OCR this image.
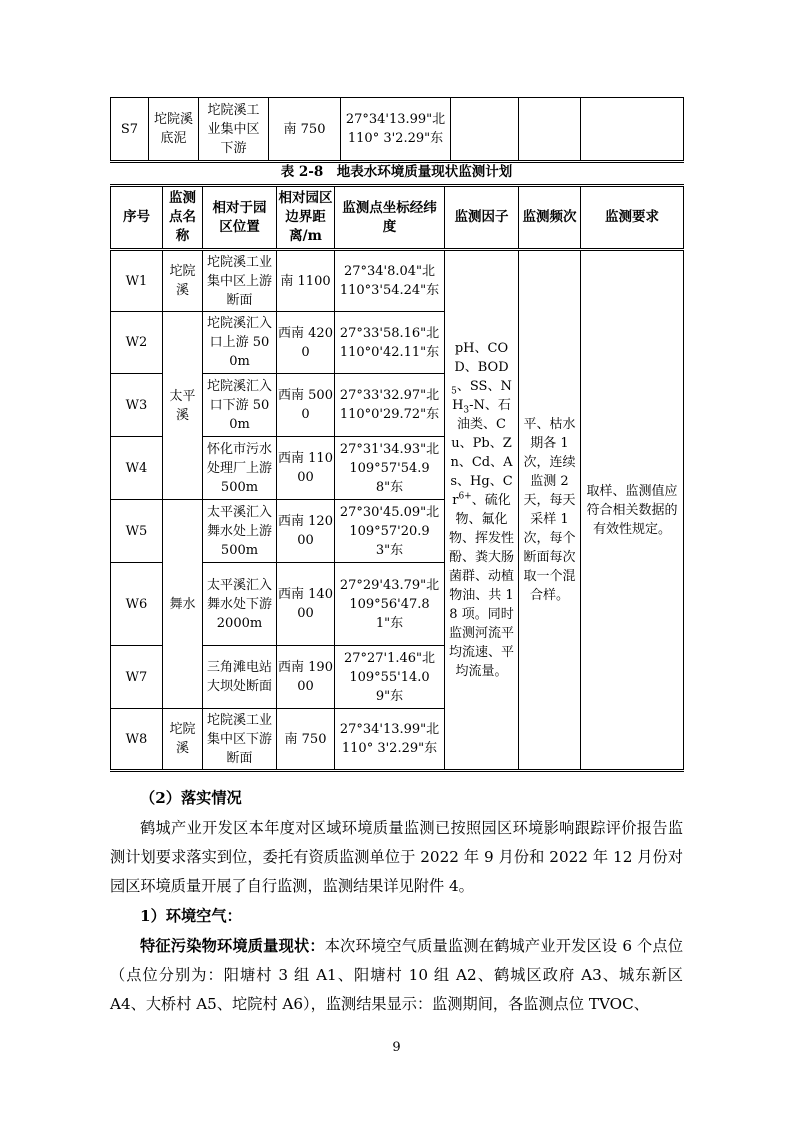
S7	坨院溪底泥	坨院溪工业集中区下游	南 750	27°34'13.99"北 110° 3'2.29"东			
表 2-8　地表水环境质量现状监测计划
序号	监测点名称	相对于园区位置	相对园区边界距离/m	监测点坐标经纬度	监测因子	监测频次	监测要求
W1	坨院溪	坨院溪工业集中区上游断面	南 1100	27°34'8.04"北 110°3'54.24"东	pH、COD、$BOD_5$、SS、$NH_3-N$、石油类、Cu、Pb、Zn、Cd、As、Hg、$Cr^{6+}$、硫化物、氟化物、挥发性酚、粪大肠菌群、动植物油、共 18 项。同时监测河流平均流速、平均流量。	平、枯水期各 1 次，连续监测 2 天，每天采样 1 次，每个断面每次取一个混合样。	取样、监测值应符合相关数据的有效性规定。
W2	太平溪	坨院溪汇入口上游 500m	西南 4200	27°33'58.16"北 110°0'42.11"东			
W3		坨院溪汇入口下游 500m	西南 5000	27°33'32.97"北 110°0'29.72"东			
W4		怀化市污水处理厂上游 500m	西南 11000	27°31'34.93"北 109°57'54.98"东			
W5	舞水	太平溪汇入舞水处上游 500m	西南 12000	27°30'45.09"北 109°57'20.93"东			
W6		太平溪汇入舞水处下游 2000m	西南 14000	27°29'43.79"北 109°56'47.81"东			
W7		三角滩电站大坝处断面	西南 19000	27°27'1.46"北 109°55'14.09"东			
W8	坨院溪	坨院溪工业集中区下游断面	南 750	27°34'13.99"北 110° 3'2.29"东			
（2）落实情况
鹤城产业开发区本年度对区域环境质量监测已按照园区环境影响跟踪评价报告监测计划要求落实到位，委托有资质监测单位于 2022 年 9 月份和 2022 年 12 月份对园区环境质量开展了自行监测，监测结果详见附件 4。
1）环境空气：
特征污染物环境质量现状：本次环境空气质量监测在鹤城产业开发区设 6 个点位（点位分别为：阳塘村 3 组 A1、阳塘村 10 组 A2、鹤城区政府 A3、城东新区 A4、大桥村 A5、坨院村 A6），监测结果显示：监测期间，各监测点位 TVOC、
9
